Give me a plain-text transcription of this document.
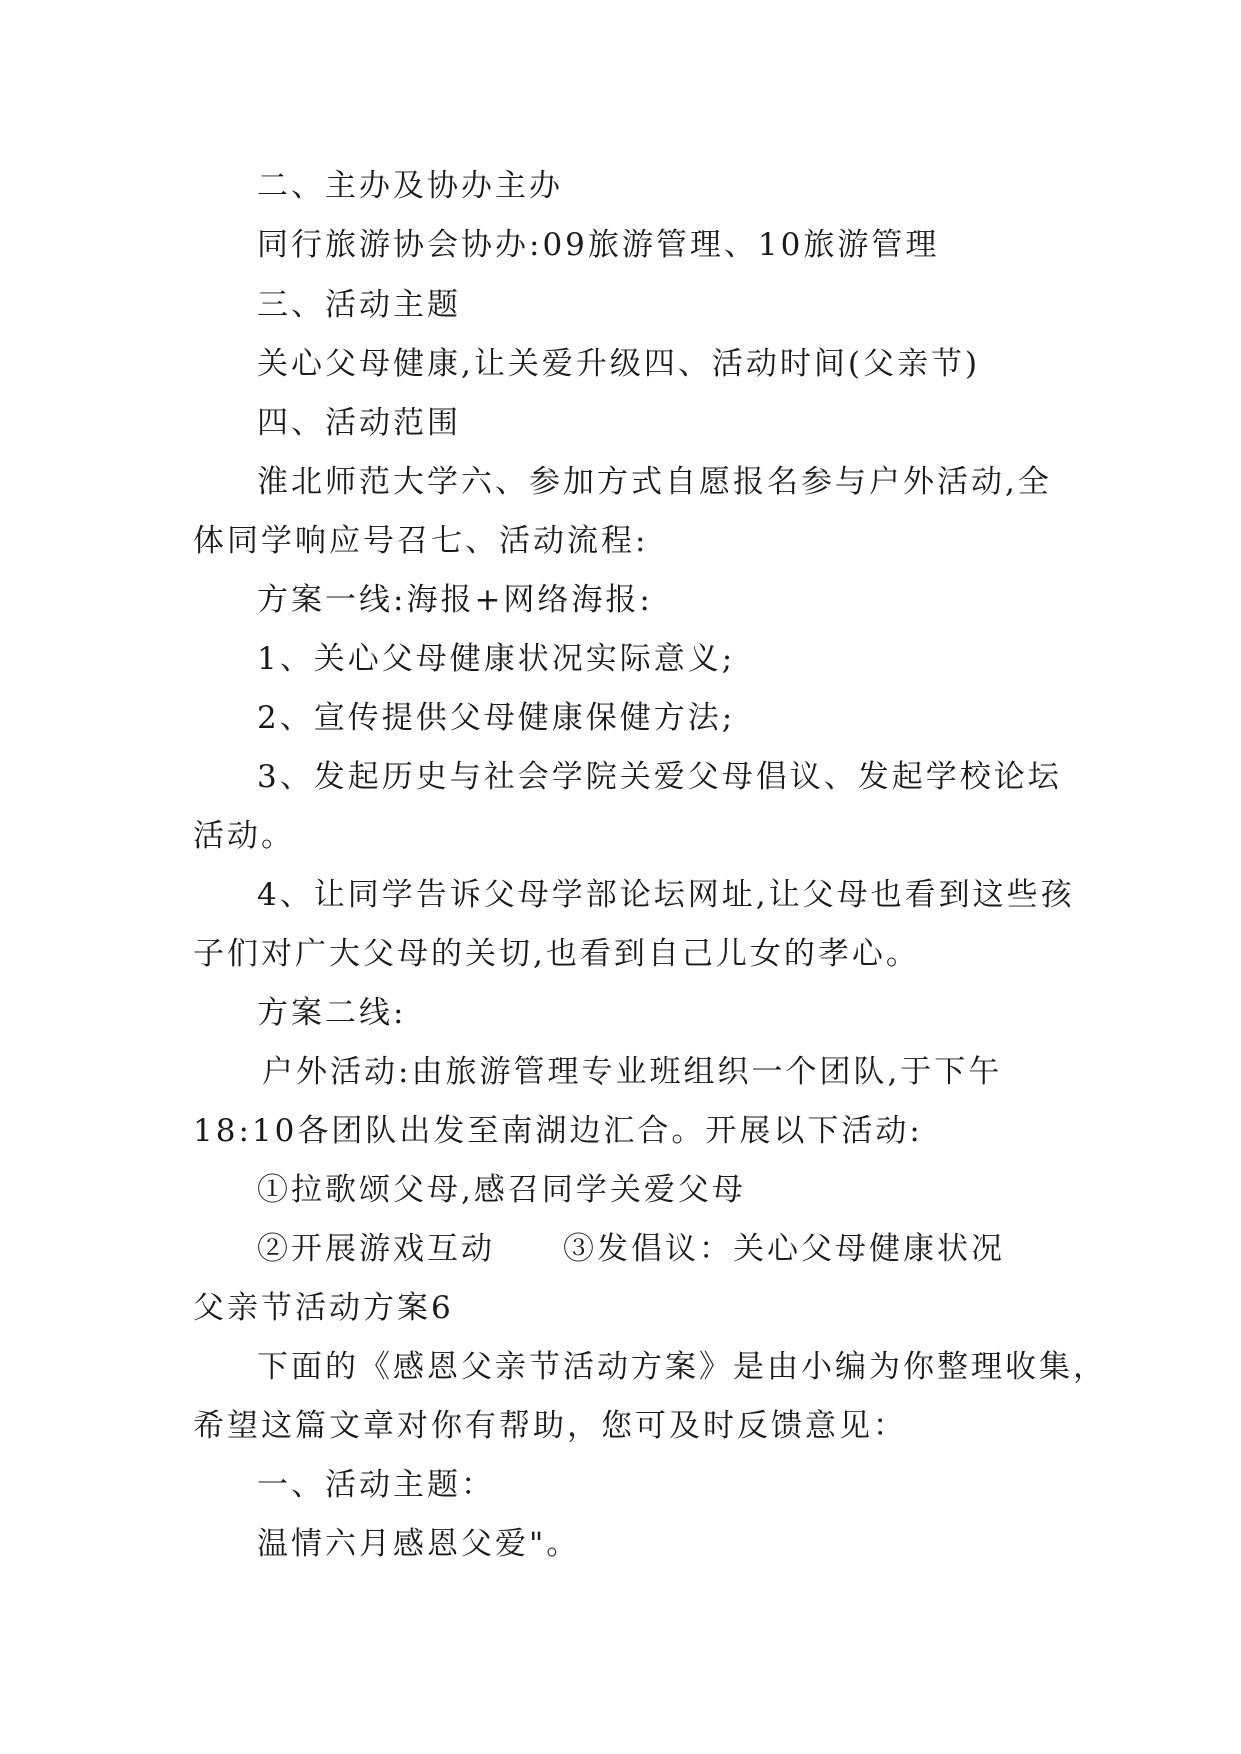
二、主办及协办主办
同行旅游协会协办:09旅游管理、10旅游管理
三、活动主题
关心父母健康,让关爱升级四、活动时间(父亲节)
四、活动范围
淮北师范大学六、参加方式自愿报名参与户外活动,全
体同学响应号召七、活动流程:
方案一线:海报+网络海报:
1、关心父母健康状况实际意义;
2、宣传提供父母健康保健方法;
3、发起历史与社会学院关爱父母倡议、发起学校论坛
活动。
4、让同学告诉父母学部论坛网址,让父母也看到这些孩
子们对广大父母的关切,也看到自己儿女的孝心。
方案二线:
户外活动:由旅游管理专业班组织一个团队,于下午
18:10各团队出发至南湖边汇合。开展以下活动:
①拉歌颂父母,感召同学关爱父母
②开展游戏互动　　③发倡议：关心父母健康状况
父亲节活动方案6
下面的《感恩父亲节活动方案》是由小编为你整理收集，
希望这篇文章对你有帮助，您可及时反馈意见：
一、活动主题：
温情六月感恩父爱"。
